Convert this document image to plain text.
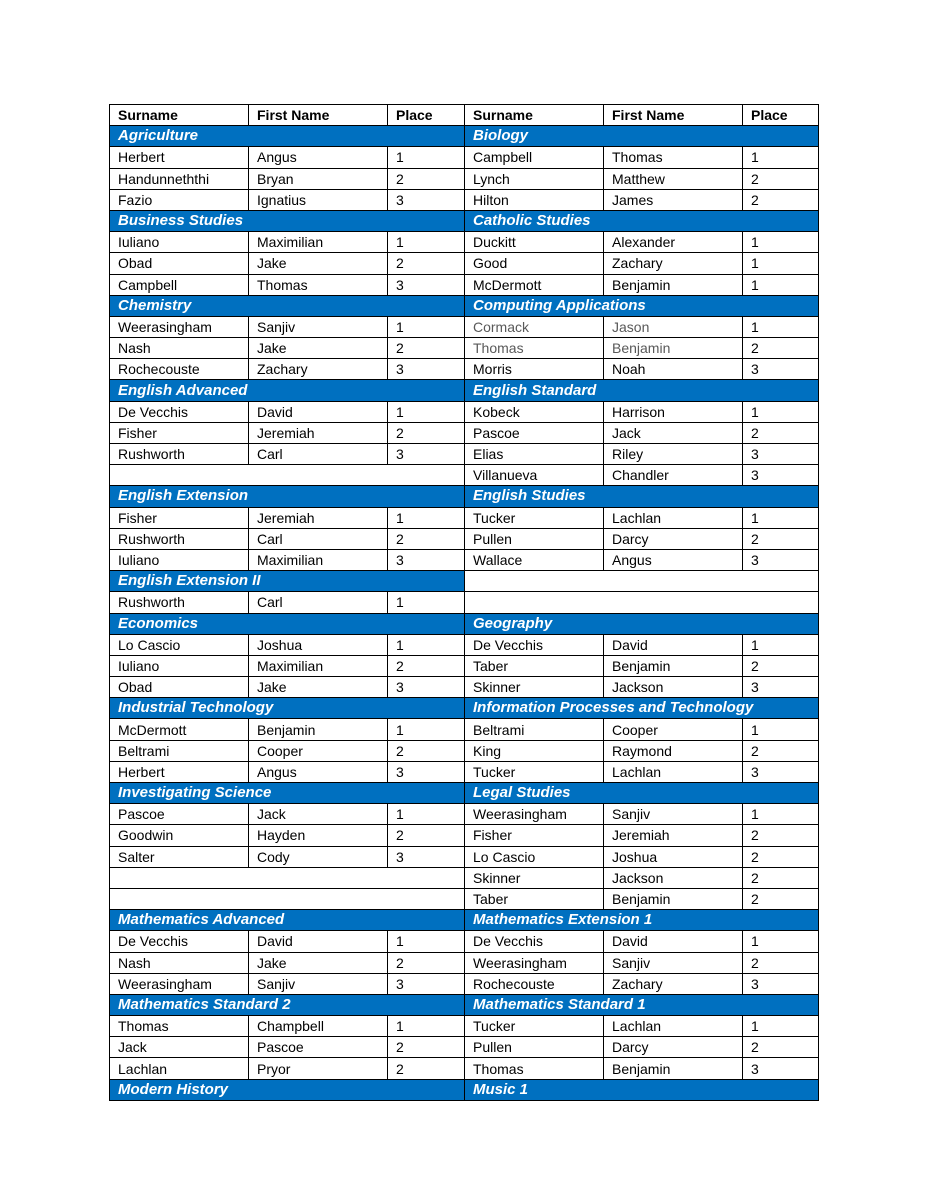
Surname	First Name	Place	Surname	First Name	Place
Agriculture			Biology		
Herbert	Angus	1	Campbell	Thomas	1
Handunneththi	Bryan	2	Lynch	Matthew	2
Fazio	Ignatius	3	Hilton	James	2
Business Studies			Catholic Studies		
Iuliano	Maximilian	1	Duckitt	Alexander	1
Obad	Jake	2	Good	Zachary	1
Campbell	Thomas	3	McDermott	Benjamin	1
Chemistry			Computing Applications		
Weerasingham	Sanjiv	1	Cormack	Jason	1
Nash	Jake	2	Thomas	Benjamin	2
Rochecouste	Zachary	3	Morris	Noah	3
English Advanced			English Standard		
De Vecchis	David	1	Kobeck	Harrison	1
Fisher	Jeremiah	2	Pascoe	Jack	2
Rushworth	Carl	3	Elias	Riley	3
			Villanueva	Chandler	3
English Extension			English Studies		
Fisher	Jeremiah	1	Tucker	Lachlan	1
Rushworth	Carl	2	Pullen	Darcy	2
Iuliano	Maximilian	3	Wallace	Angus	3
English Extension II					
Rushworth	Carl	1			
Economics			Geography		
Lo Cascio	Joshua	1	De Vecchis	David	1
Iuliano	Maximilian	2	Taber	Benjamin	2
Obad	Jake	3	Skinner	Jackson	3
Industrial Technology			Information Processes and Technology		
McDermott	Benjamin	1	Beltrami	Cooper	1
Beltrami	Cooper	2	King	Raymond	2
Herbert	Angus	3	Tucker	Lachlan	3
Investigating Science			Legal Studies		
Pascoe	Jack	1	Weerasingham	Sanjiv	1
Goodwin	Hayden	2	Fisher	Jeremiah	2
Salter	Cody	3	Lo Cascio	Joshua	2
			Skinner	Jackson	2
			Taber	Benjamin	2
Mathematics Advanced			Mathematics Extension 1		
De Vecchis	David	1	De Vecchis	David	1
Nash	Jake	2	Weerasingham	Sanjiv	2
Weerasingham	Sanjiv	3	Rochecouste	Zachary	3
Mathematics Standard 2			Mathematics Standard 1		
Thomas	Champbell	1	Tucker	Lachlan	1
Jack	Pascoe	2	Pullen	Darcy	2
Lachlan	Pryor	2	Thomas	Benjamin	3
Modern History			Music 1		
